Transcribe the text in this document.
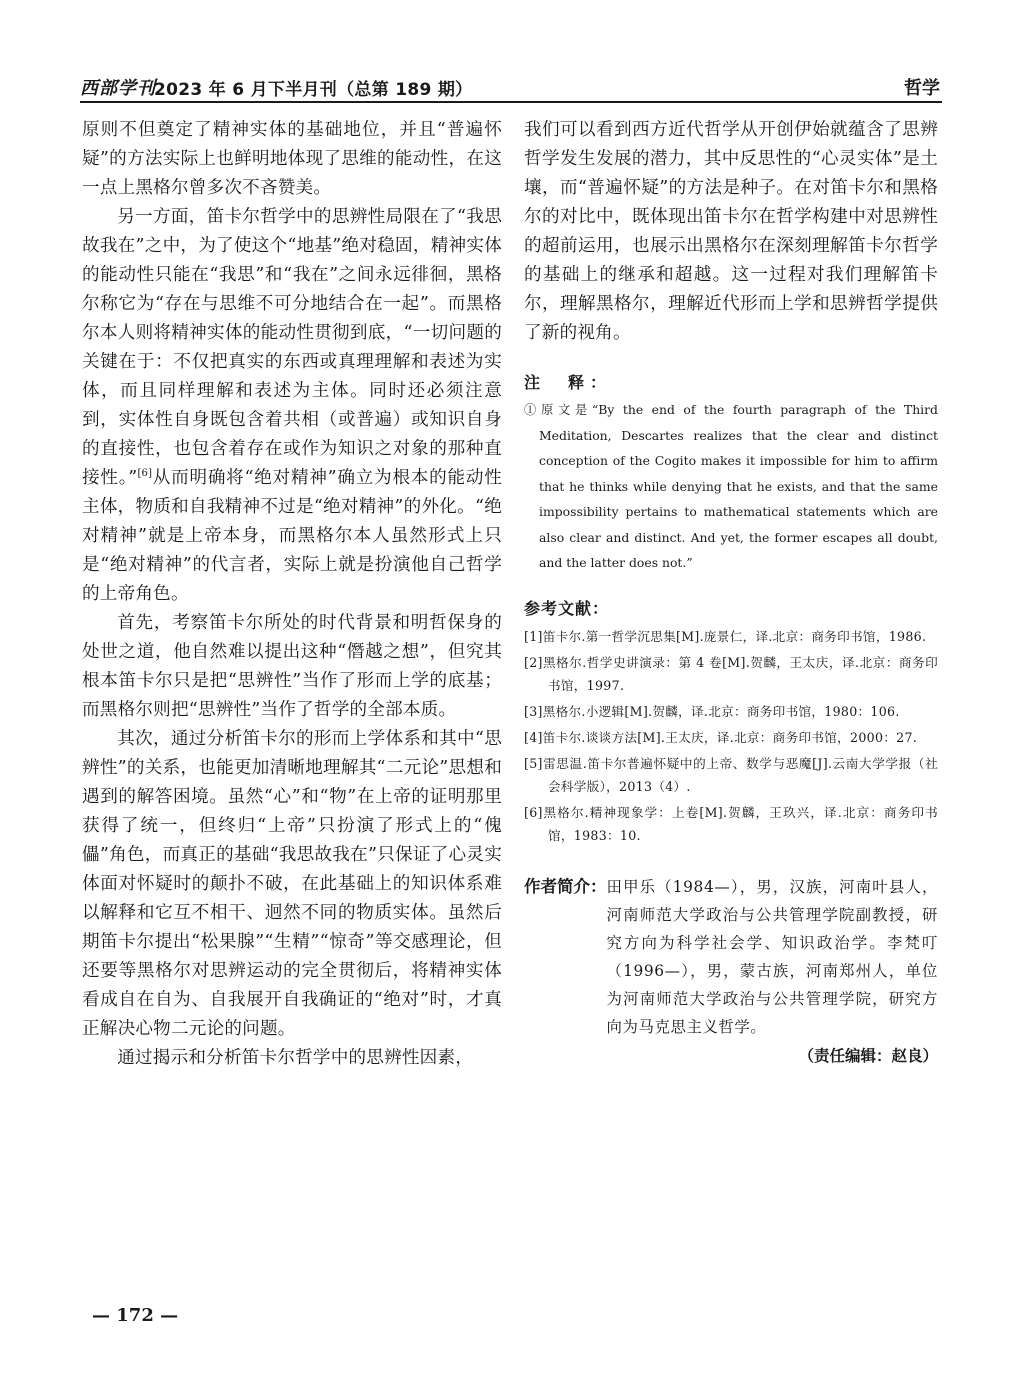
西部学刊
2023 年 6 月下半月刊（总第 189 期）	哲学

原则不但奠定了精神实体的基础地位，并且“普遍怀疑”的方法实际上也鲜明地体现了思维的能动性，在这一点上黑格尔曾多次不吝赞美。

另一方面，笛卡尔哲学中的思辨性局限在了“我思故我在”之中，为了使这个“地基”绝对稳固，精神实体的能动性只能在“我思”和“我在”之间永远徘徊，黑格尔称它为“存在与思维不可分地结合在一起”。而黑格尔本人则将精神实体的能动性贯彻到底，“一切问题的关键在于：不仅把真实的东西或真理理解和表述为实体，而且同样理解和表述为主体。同时还必须注意到，实体性自身既包含着共相（或普遍）或知识自身的直接性，也包含着存在或作为知识之对象的那种直接性。”[6]从而明确将“绝对精神”确立为根本的能动性主体，物质和自我精神不过是“绝对精神”的外化。“绝对精神”就是上帝本身，而黑格尔本人虽然形式上只是“绝对精神”的代言者，实际上就是扮演他自己哲学的上帝角色。

首先，考察笛卡尔所处的时代背景和明哲保身的处世之道，他自然难以提出这种“僭越之想”，但究其根本笛卡尔只是把“思辨性”当作了形而上学的底基；而黑格尔则把“思辨性”当作了哲学的全部本质。

其次，通过分析笛卡尔的形而上学体系和其中“思辨性”的关系，也能更加清晰地理解其“二元论”思想和遇到的解答困境。虽然“心”和“物”在上帝的证明那里获得了统一，但终归“上帝”只扮演了形式上的“傀儡”角色，而真正的基础“我思故我在”只保证了心灵实体面对怀疑时的颠扑不破，在此基础上的知识体系难以解释和它互不相干、迥然不同的物质实体。虽然后期笛卡尔提出“松果腺”“生精”“惊奇”等交感理论，但还要等黑格尔对思辨运动的完全贯彻后，将精神实体看成自在自为、自我展开自我确证的“绝对”时，才真正解决心物二元论的问题。

通过揭示和分析笛卡尔哲学中的思辨性因素，

我们可以看到西方近代哲学从开创伊始就蕴含了思辨哲学发生发展的潜力，其中反思性的“心灵实体”是土壤，而“普遍怀疑”的方法是种子。在对笛卡尔和黑格尔的对比中，既体现出笛卡尔在哲学构建中对思辨性的超前运用，也展示出黑格尔在深刻理解笛卡尔哲学的基础上的继承和超越。这一过程对我们理解笛卡尔，理解黑格尔，理解近代形而上学和思辨哲学提供了新的视角。

注　释：

①原文是“By the end of the fourth paragraph of the Third Meditation, Descartes realizes that the clear and distinct conception of the Cogito makes it impossible for him to affirm that he thinks while denying that he exists, and that the same impossibility pertains to mathematical statements which are also clear and distinct. And yet, the former escapes all doubt, and the latter does not.”

参考文献：

[1]笛卡尔.第一哲学沉思集[M].庞景仁，译.北京：商务印书馆，1986.

[2]黑格尔.哲学史讲演录：第 4 卷[M].贺麟，王太庆，译.北京：商务印书馆，1997.

[3]黑格尔.小逻辑[M].贺麟，译.北京：商务印书馆，1980：106.

[4]笛卡尔.谈谈方法[M].王太庆，译.北京：商务印书馆，2000：27.

[5]雷思温.笛卡尔普遍怀疑中的上帝、数学与恶魔[J].云南大学学报（社会科学版），2013（4）.

[6]黑格尔.精神现象学：上卷[M].贺麟，王玖兴，译.北京：商务印书馆，1983：10.

作者简介： 田甲乐（1984—），男，汉族，河南叶县人，河南师范大学政治与公共管理学院副教授，研究方向为科学社会学、知识政治学。李梵叮（1996—），男，蒙古族，河南郑州人，单位为河南师范大学政治与公共管理学院，研究方向为马克思主义哲学。
（责任编辑：赵良）
— 172 —
